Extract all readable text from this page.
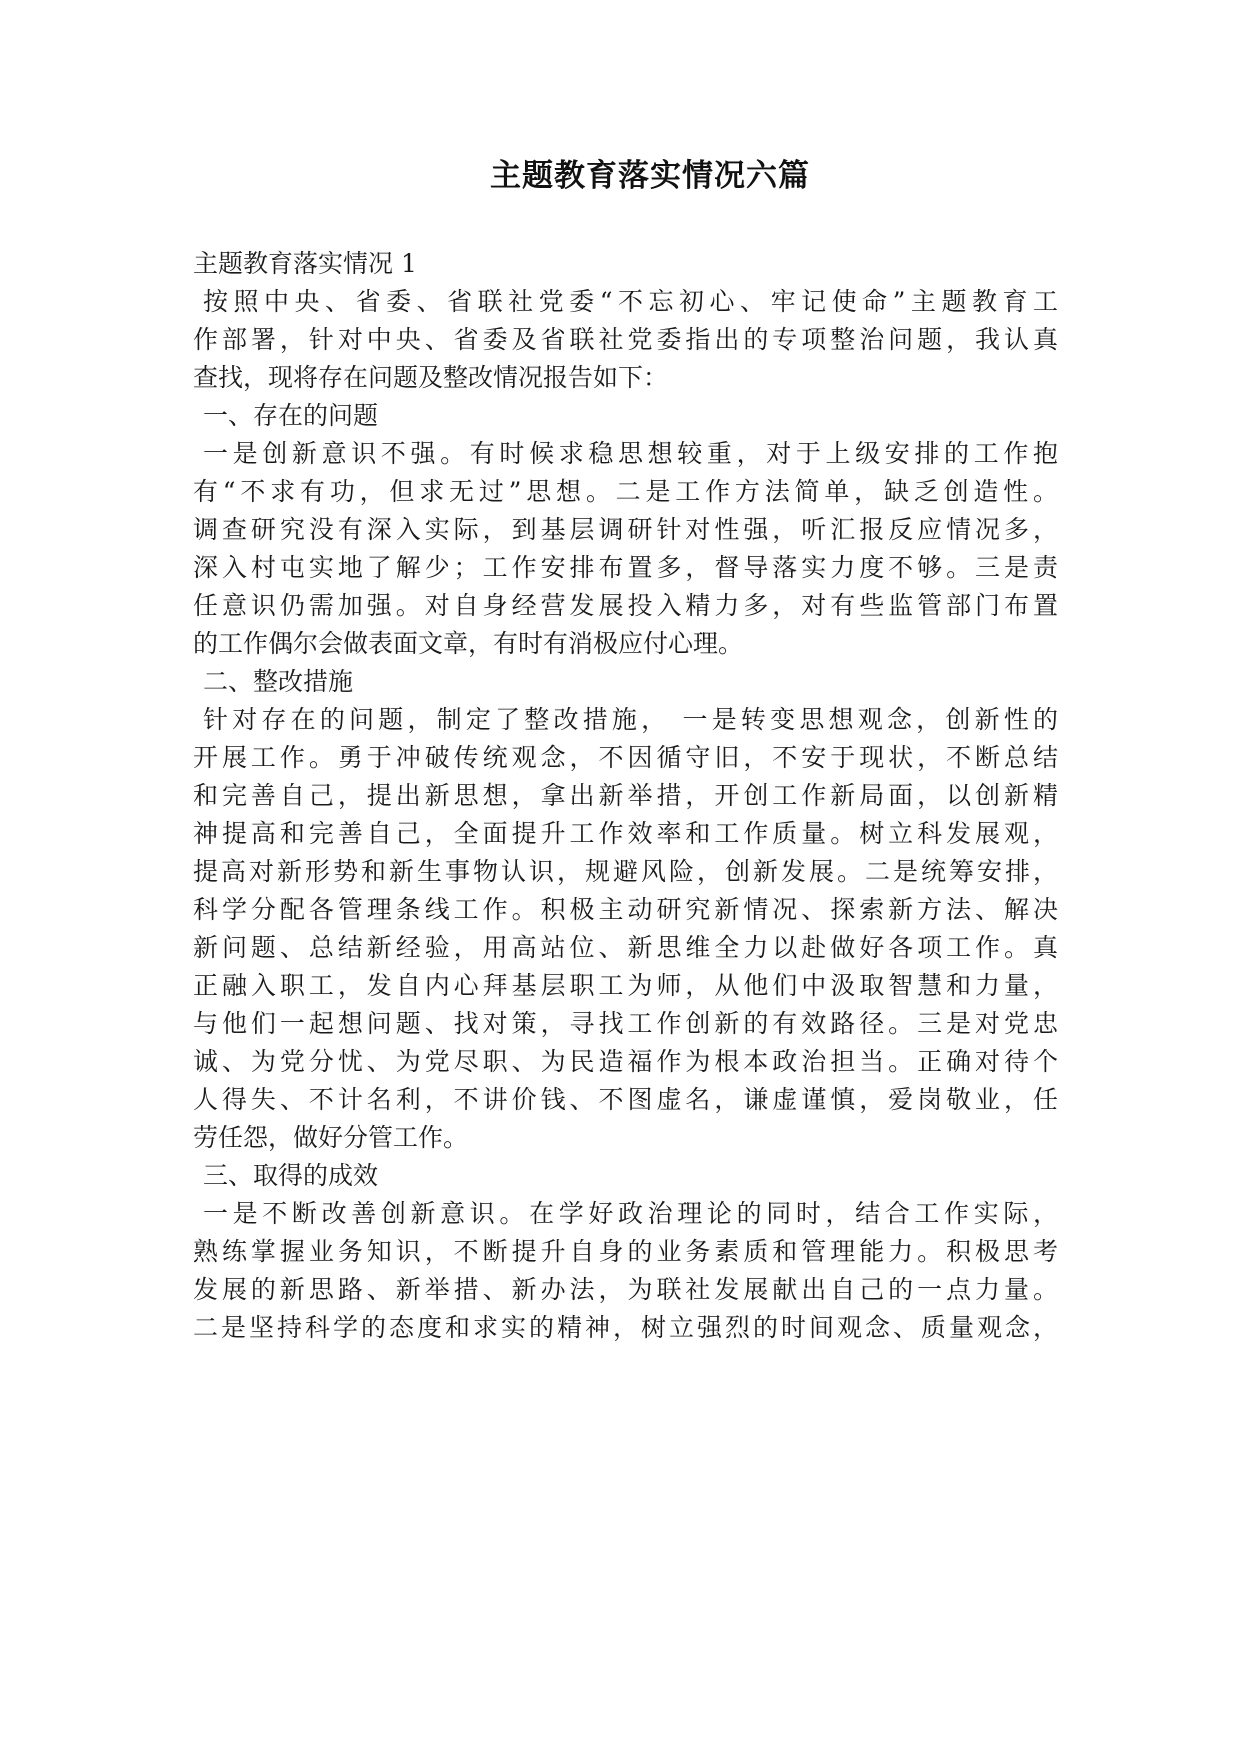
主题教育落实情况六篇
主题教育落实情况 1
按照中央、省委、省联社党委“不忘初心、牢记使命”主题教育工
作部署，针对中央、省委及省联社党委指出的专项整治问题，我认真
查找，现将存在问题及整改情况报告如下：
一、存在的问题
一是创新意识不强。有时候求稳思想较重，对于上级安排的工作抱
有“不求有功，但求无过”思想。二是工作方法简单，缺乏创造性。
调查研究没有深入实际，到基层调研针对性强，听汇报反应情况多，
深入村屯实地了解少；工作安排布置多，督导落实力度不够。三是责
任意识仍需加强。对自身经营发展投入精力多，对有些监管部门布置
的工作偶尔会做表面文章，有时有消极应付心理。
二、整改措施
针对存在的问题，制定了整改措施， 一是转变思想观念，创新性的
开展工作。勇于冲破传统观念，不因循守旧，不安于现状，不断总结
和完善自己，提出新思想，拿出新举措，开创工作新局面，以创新精
神提高和完善自己，全面提升工作效率和工作质量。树立科发展观，
提高对新形势和新生事物认识，规避风险，创新发展。二是统筹安排，
科学分配各管理条线工作。积极主动研究新情况、探索新方法、解决
新问题、总结新经验，用高站位、新思维全力以赴做好各项工作。真
正融入职工，发自内心拜基层职工为师，从他们中汲取智慧和力量，
与他们一起想问题、找对策，寻找工作创新的有效路径。三是对党忠
诚、为党分忧、为党尽职、为民造福作为根本政治担当。正确对待个
人得失、不计名利，不讲价钱、不图虚名，谦虚谨慎，爱岗敬业，任
劳任怨，做好分管工作。
三、取得的成效
一是不断改善创新意识。在学好政治理论的同时，结合工作实际，
熟练掌握业务知识，不断提升自身的业务素质和管理能力。积极思考
发展的新思路、新举措、新办法，为联社发展献出自己的一点力量。
二是坚持科学的态度和求实的精神，树立强烈的时间观念、质量观念，
